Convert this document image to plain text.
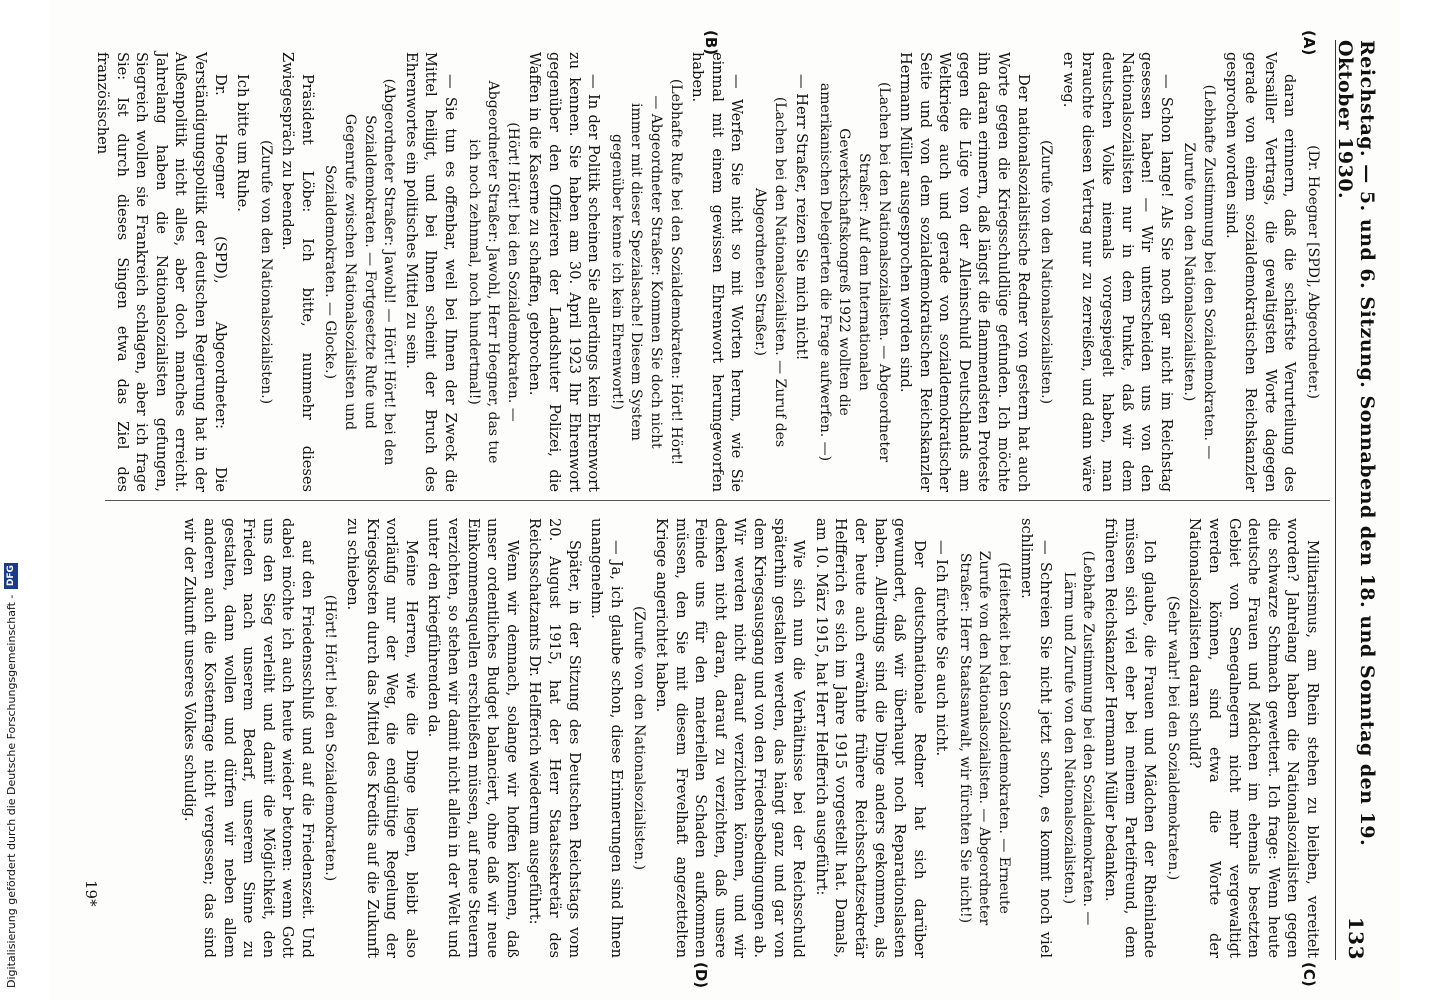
Reichstag. — 5. und 6. Sitzung. Sonnabend den 18. und Sonntag den 19. Oktober 1930.
133
(A)
(B)
(C)
(D)

(Dr. Hoegner [SPD], Abgeordneter.)

daran erinnern, daß die schärfste Verurteilung des Versailler Vertrags, die gewaltigsten Worte dagegen gerade von einem sozialdemokratischen Reichskanzler gesprochen worden sind.

(Lebhafte Zustimmung bei den Sozialdemokraten. — Zurufe von den Nationalsozialisten.)

— Schon lange! Als Sie noch gar nicht im Reichstag gesessen haben! — Wir unterscheiden uns von den Nationalsozialisten nur in dem Punkte, daß wir dem deutschen Volke niemals vorgespiegelt haben, man brauchte diesen Vertrag nur zu zerreißen, und dann wäre er weg.

(Zurufe von den Nationalsozialisten.)

Der nationalsozialistische Redner von gestern hat auch Worte gegen die Kriegsschuldlüge gefunden. Ich möchte ihn daran erinnern, daß längst die flammendsten Proteste gegen die Lüge von der Alleinschuld Deutschlands am Weltkriege auch und gerade von sozialdemokratischer Seite und von dem sozialdemokratischen Reichskanzler Hermann Müller ausgesprochen worden sind.

(Lachen bei den Nationalsozialisten. — Abgeordneter Straßer: Auf dem Internationalen Gewerkschaftskongreß 1922 wollten die amerikanischen Delegierten die Frage aufwerfen. —)

— Herr Straßer, reizen Sie mich nicht!

(Lachen bei den Nationalsozialisten. — Zuruf des Abgeordneten Straßer.)

— Werfen Sie nicht so mit Worten herum, wie Sie einmal mit einem gewissen Ehrenwort herumgeworfen haben.

(Lebhafte Rufe bei den Sozialdemokraten: Hört! Hört! — Abgeordneter Straßer: Kommen Sie doch nicht immer mit dieser Spezialsache! Diesem System gegenüber kenne ich kein Ehrenwort!)

— In der Politik scheinen Sie allerdings kein Ehrenwort zu kennen. Sie haben am 30. April 1923 Ihr Ehrenwort gegenüber den Offizieren der Landshuter Polizei, die Waffen in die Kaserne zu schaffen, gebrochen.

(Hört! Hört! bei den Sozialdemokraten. — Abgeordneter Straßer: Jawohl, Herr Hoegner, das tue ich noch zehnmal, noch hundertmal!)

— Sie tun es offenbar, weil bei Ihnen der Zweck die Mittel heiligt, und bei Ihnen scheint der Bruch des Ehrenwortes ein politisches Mittel zu sein.

(Abgeordneter Straßer: Jawohl! — Hört! Hört! bei den Sozialdemokraten. — Fortgesetzte Rufe und Gegenrufe zwischen Nationalsozialisten und Sozialdemokraten. — Glocke.)

Präsident Löbe: Ich bitte, nunmehr dieses Zwiegespräch zu beenden.

(Zurufe von den Nationalsozialisten.)

Ich bitte um Ruhe.

Dr. Hoegner (SPD), Abgeordneter: Die Verständigungspolitik der deutschen Regierung hat in der Außenpolitik nicht alles, aber doch manches erreicht. Jahrelang haben die Nationalsozialisten gefungen, Siegreich wollen sie Frankreich schlagen, aber ich frage Sie: Ist durch dieses Singen etwa das Ziel des französischen

Militarismus, am Rhein stehen zu bleiben, vereitelt worden? Jahrelang haben die Nationalsozialisten gegen die schwarze Schmach gewettert. Ich frage: Wenn heute deutsche Frauen und Mädchen im ehemals besetzten Gebiet von Senegalnegern nicht mehr vergewaltigt werden können, sind etwa die Worte der Nationalsozialisten daran schuld?

(Sehr wahr! bei den Sozialdemokraten.)

Ich glaube, die Frauen und Mädchen der Rheinlande müssen sich viel eher bei meinem Parteifreund, dem früheren Reichskanzler Hermann Müller bedanken.

(Lebhafte Zustimmung bei den Sozialdemokraten. — Lärm und Zurufe von den Nationalsozialisten.)

— Schreien Sie nicht jetzt schon, es kommt noch viel schlimmer.

(Heiterkeit bei den Sozialdemokraten. — Erneute Zurufe von den Nationalsozialisten. — Abgeordneter Straßer: Herr Staatsanwalt, wir fürchten Sie nicht!)

— Ich fürchte Sie auch nicht.

Der deutschnationale Redner hat sich darüber gewundert, daß wir überhaupt noch Reparationslasten haben. Allerdings sind die Dinge anders gekommen, als der heute auch erwähnte frühere Reichsschatzsekretär Helfferich es sich im Jahre 1915 vorgestellt hat. Damals, am 10. März 1915, hat Herr Helfferich ausgeführt:

Wie sich nun die Verhältnisse bei der Reichsschuld späterhin gestalten werden, das hängt ganz und gar von dem Kriegsausgang und von den Friedensbedingungen ab. Wir werden nicht darauf verzichten können, und wir denken nicht daran, darauf zu verzichten, daß unsere Feinde uns für den materiellen Schaden aufkommen müssen, den Sie mit diesem Frevelhaft angezettelten Kriege angerichtet haben.

(Zurufe von den Nationalsozialisten.)

— Ja, ich glaube schon, diese Erinnerungen sind Ihnen unangenehm.

Später, in der Sitzung des Deutschen Reichstags vom 20. August 1915, hat der Herr Staatssekretär des Reichsschatzamts Dr. Helfferich wiederum ausgeführt:

Wenn wir demnach, solange wir hoffen können, daß unser ordentliches Budget balanciert, ohne daß wir neue Einkommensquellen erschließen müssen, auf neue Steuern verzichten, so stehen wir damit nicht allein in der Welt und unter den kriegführenden da.

Meine Herren, wie die Dinge liegen, bleibt also vorläufig nur der Weg, die endgültige Regelung der Kriegskosten durch das Mittel des Kredits auf die Zukunft zu schieben.

(Hört! Hört! bei den Sozialdemokraten.)

auf den Friedensschluß und auf die Friedenszeit. Und dabei möchte ich auch heute wieder betonen: wenn Gott uns den Sieg verleiht und damit die Möglichkeit, den Frieden nach unserem Bedarf, unserem Sinne zu gestalten, dann wollen und dürfen wir neben allem anderen auch die Kostenfrage nicht vergessen; das sind wir der Zukunft unseres Volkes schuldig.

19*
Digitalisierung gefördert durch die Deutsche Forschungsgemeinschaft -
DFG
